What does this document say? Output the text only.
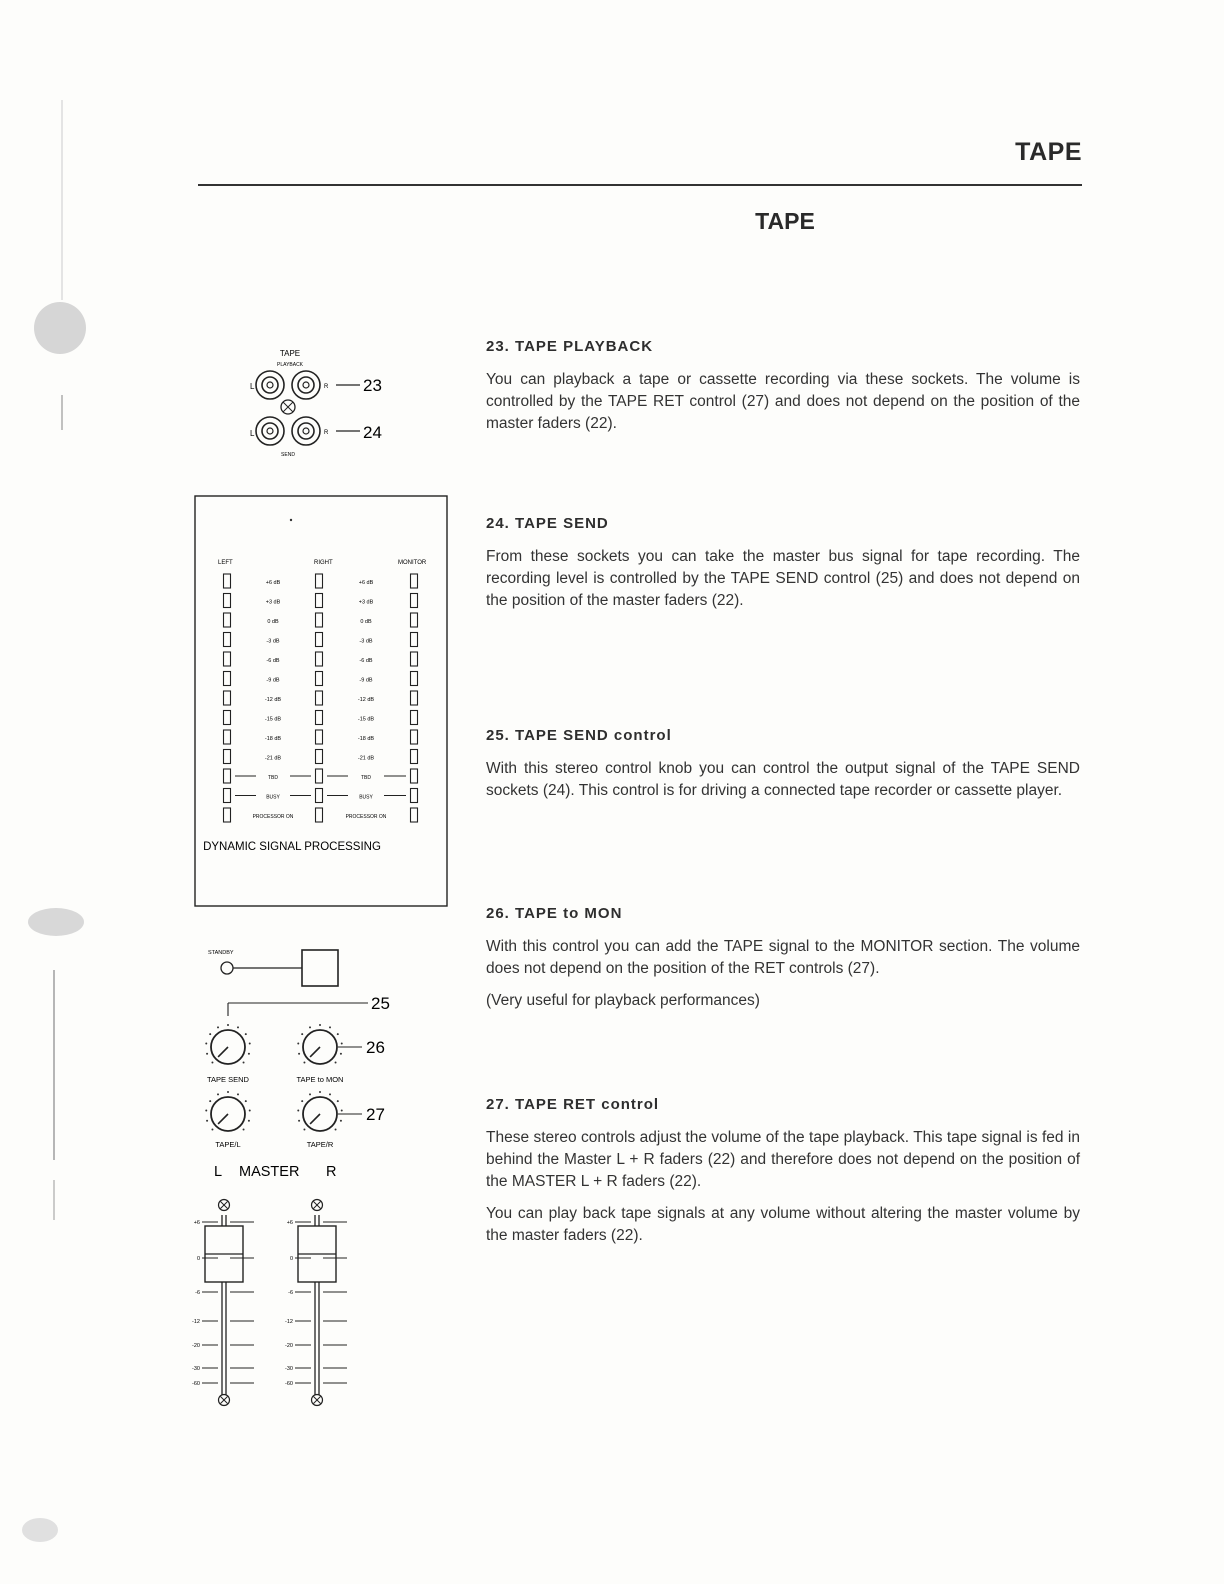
TAPE
TAPE
23. TAPE PLAYBACK

You can playback a tape or cassette recording via these sockets. The volume is controlled by the TAPE RET control (27) and does not depend on the position of the master faders (22).

24. TAPE SEND

From these sockets you can take the master bus signal for tape recording. The recording level is controlled by the TAPE SEND control (25) and does not depend on the position of the master faders (22).

25. TAPE SEND control

With this stereo control knob you can control the output signal of the TAPE SEND sockets (24). This control is for driving a connected tape recorder or cassette player.

26. TAPE to MON

With this control you can add the TAPE signal to the MONITOR section. The volume does not depend on the position of the RET controls (27).

(Very useful for playback performances)

27. TAPE RET control

These stereo controls adjust the volume of the tape playback. This tape signal is fed in behind the Master L + R faders (22) and therefore does not depend on the position of the MASTER L + R faders (22).

You can play back tape signals at any volume without altering the master volume by the master faders (22).

TAPE
PLAYBACK
L	R 23
L	R 24
SEND
LEFT	RIGHT	MONITOR
+6 dB	+6 dB
+3 dB	+3 dB
0 dB	0 dB
-3 dB	-3 dB
-6 dB	-6 dB
-9 dB	-9 dB
-12 dB	-12 dB
-15 dB	-15 dB
-18 dB	-18 dB
-21 dB	-21 dB
TBD	TBD
BUSY	BUSY
PROCESSOR ON	PROCESSOR ON
DYNAMIC SIGNAL PROCESSING
STANDBY
25
26
27
TAPE SEND	TAPE to MON
TAPE/L	TAPE/R
L MASTER R
+6
0
-6
-12
-20
-30
-60
+6
0
-6
-12
-20
-30
-60
